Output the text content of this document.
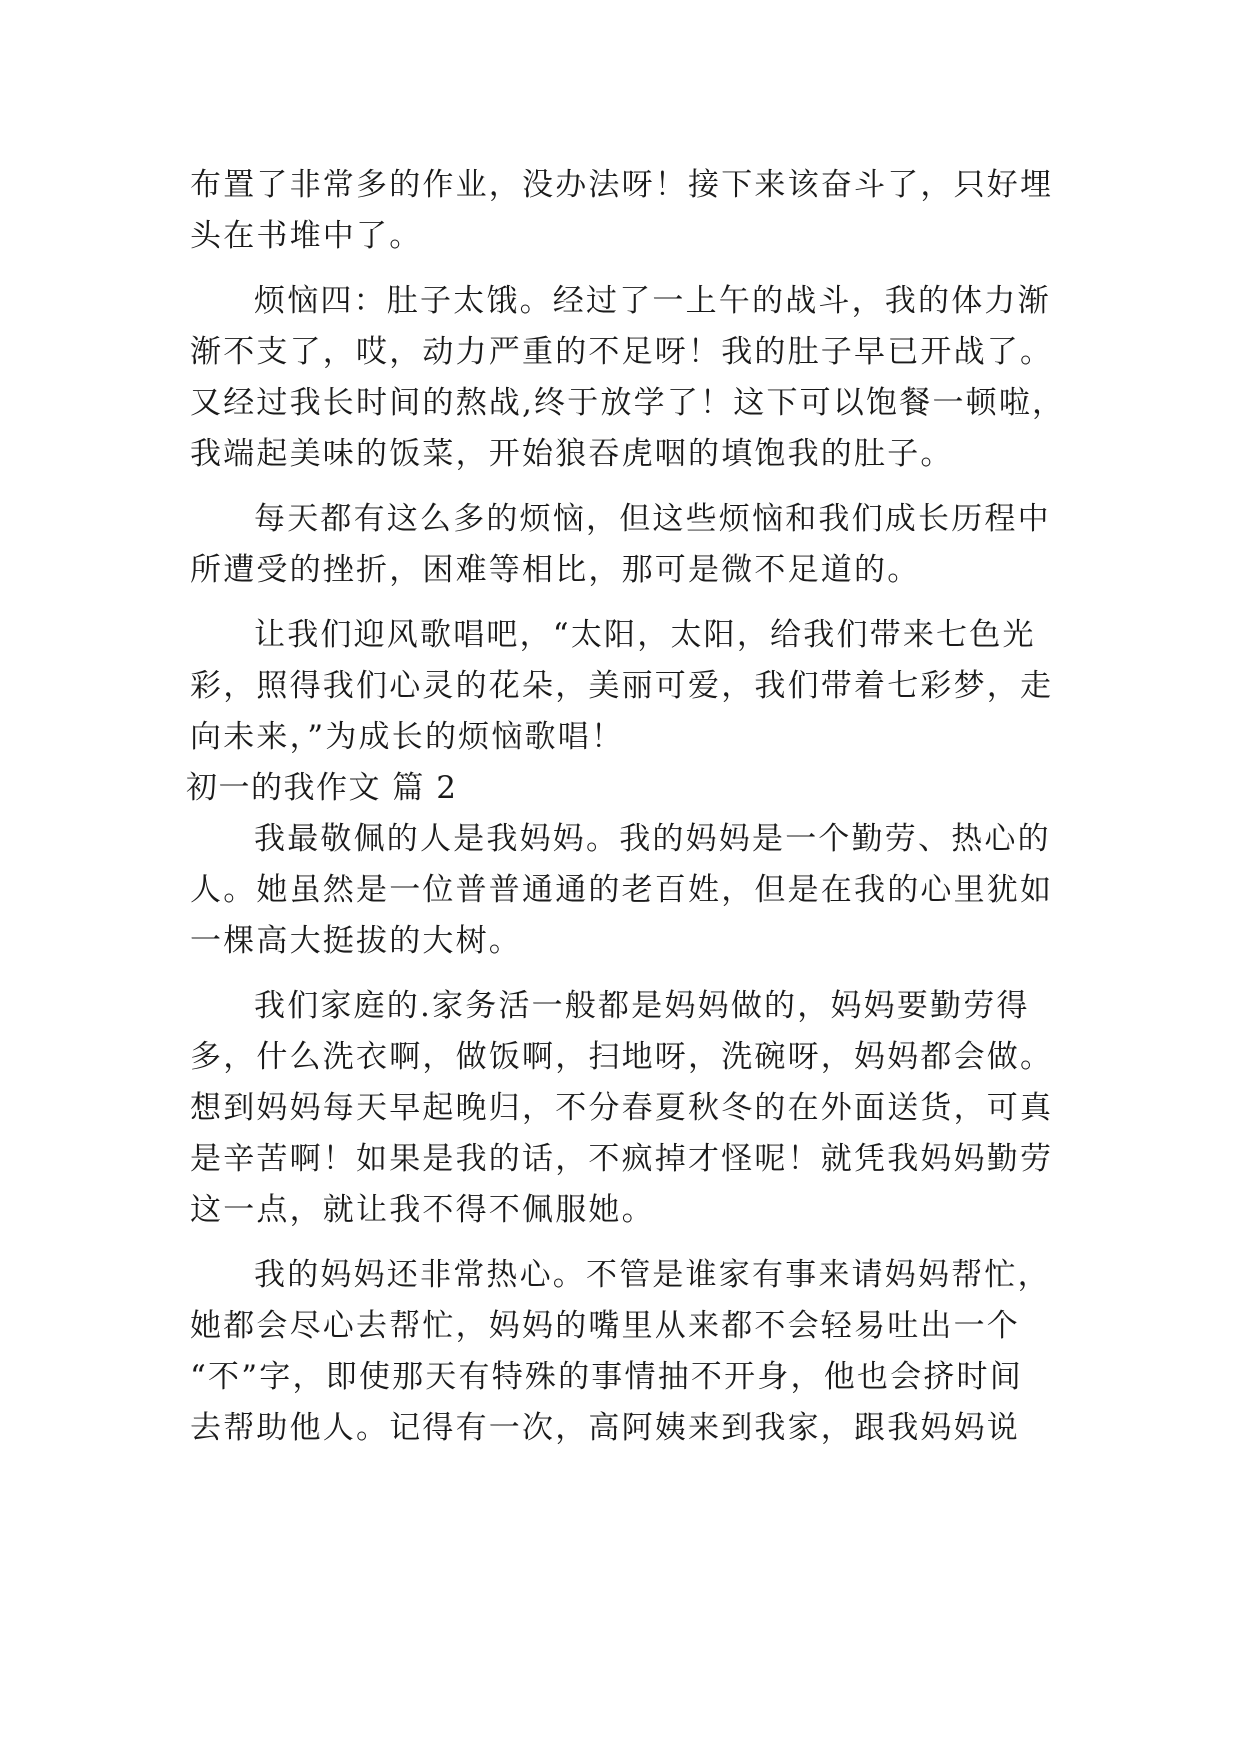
布置了非常多的作业，没办法呀！接下来该奋斗了，只好埋
头在书堆中了。
烦恼四：肚子太饿。经过了一上午的战斗，我的体力渐
渐不支了，哎，动力严重的不足呀！我的肚子早已开战了。
又经过我长时间的熬战,终于放学了！这下可以饱餐一顿啦，
我端起美味的饭菜，开始狼吞虎咽的填饱我的肚子。
每天都有这么多的烦恼，但这些烦恼和我们成长历程中
所遭受的挫折，困难等相比，那可是微不足道的。
让我们迎风歌唱吧，“太阳，太阳，给我们带来七色光
彩，照得我们心灵的花朵，美丽可爱，我们带着七彩梦，走
向未来，”为成长的烦恼歌唱！
初一的我作文 篇 2
我最敬佩的人是我妈妈。我的妈妈是一个勤劳、热心的
人。她虽然是一位普普通通的老百姓，但是在我的心里犹如
一棵高大挺拔的大树。
我们家庭的.家务活一般都是妈妈做的，妈妈要勤劳得
多，什么洗衣啊，做饭啊，扫地呀，洗碗呀，妈妈都会做。
想到妈妈每天早起晚归，不分春夏秋冬的在外面送货，可真
是辛苦啊！如果是我的话，不疯掉才怪呢！就凭我妈妈勤劳
这一点，就让我不得不佩服她。
我的妈妈还非常热心。不管是谁家有事来请妈妈帮忙，
她都会尽心去帮忙，妈妈的嘴里从来都不会轻易吐出一个
“不”字，即使那天有特殊的事情抽不开身，他也会挤时间
去帮助他人。记得有一次，高阿姨来到我家，跟我妈妈说
